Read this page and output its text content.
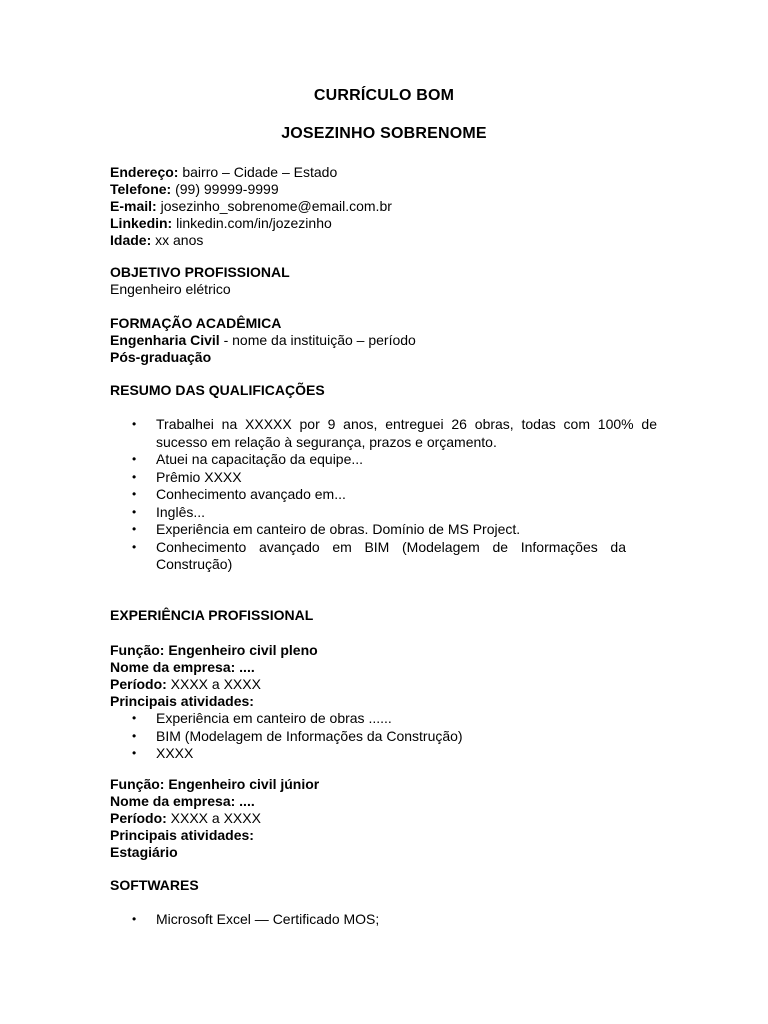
CURRÍCULO BOM
JOSEZINHO SOBRENOME
Endereço: bairro – Cidade – Estado
Telefone: (99) 99999-9999
E-mail: josezinho_sobrenome@email.com.br
Linkedin: linkedin.com/in/jozezinho
Idade: xx anos
OBJETIVO PROFISSIONAL
Engenheiro elétrico
FORMAÇÃO ACADÊMICA
Engenharia Civil - nome da instituição – período
Pós-graduação
RESUMO DAS QUALIFICAÇÕES
• Trabalhei na XXXXX por 9 anos, entreguei 26 obras, todas com 100% de sucesso em relação à segurança, prazos e orçamento.
• Atuei na capacitação da equipe...
• Prêmio XXXX
• Conhecimento avançado em...
• Inglês...
• Experiência em canteiro de obras. Domínio de MS Project.
• Conhecimento avançado em BIM (Modelagem de Informações da Construção)
EXPERIÊNCIA PROFISSIONAL
Função: Engenheiro civil pleno
Nome da empresa: ....
Período: XXXX a XXXX
Principais atividades:
• Experiência em canteiro de obras ......
• BIM (Modelagem de Informações da Construção)
• XXXX
Função: Engenheiro civil júnior
Nome da empresa: ....
Período: XXXX a XXXX
Principais atividades:
Estagiário
SOFTWARES
• Microsoft Excel — Certificado MOS;
